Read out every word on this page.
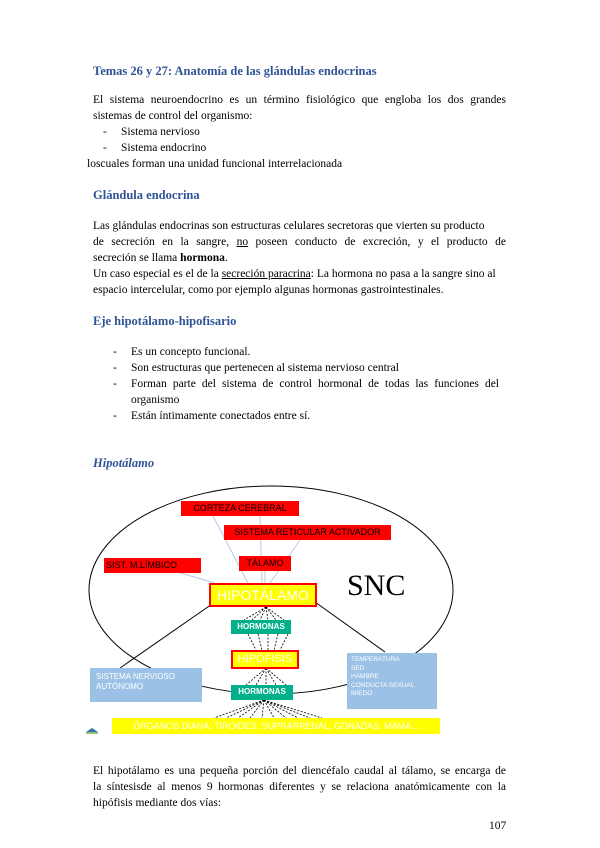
Temas 26 y 27: Anatomía de las glándulas endocrinas
El sistema neuroendocrino es un término fisiológico que engloba los dos grandes
sistemas de control del organismo:
- Sistema nervioso
- Sistema endocrino
loscuales forman una unidad funcional interrelacionada
Glándula endocrina
Las glándulas endocrinas son estructuras celulares secretoras que vierten su producto
de secreción en la sangre, no poseen conducto de excreción, y el producto de
secreción se llama hormona.
Un caso especial es el de la secreción paracrina: La hormona no pasa a la sangre sino al
espacio intercelular, como por ejemplo algunas hormonas gastrointestinales.
Eje hipotálamo-hipofisario
- Es un concepto funcional.
- Son estructuras que pertenecen al sistema nervioso central
- Forman parte del sistema de control hormonal de todas las funciones del
organismo
- Están íntimamente conectados entre sí.
Hipotálamo
CORTEZA CEREBRAL
SISTEMA RETICULAR ACTIVADOR
SIST. M.LÍMBICO	TÁLAMO
HIPOTÁLAMO SNC
HORMONAS
HIPÓFISIS
HORMONAS
SISTEMA NERVIOSO
AUTÓNOMO
TEMPERATURA
SED
HAMBRE
CONDUCTA SEXUAL
MIEDO
ÓRGANOS DIANA: TIROIDES, SUPRARRENAL, GONADAS, MAMA...
El hipotálamo es una pequeña porción del diencéfalo caudal al tálamo, se encarga de
la síntesisde al menos 9 hormonas diferentes y se relaciona anatómicamente con la
hipófisis mediante dos vías:
107
